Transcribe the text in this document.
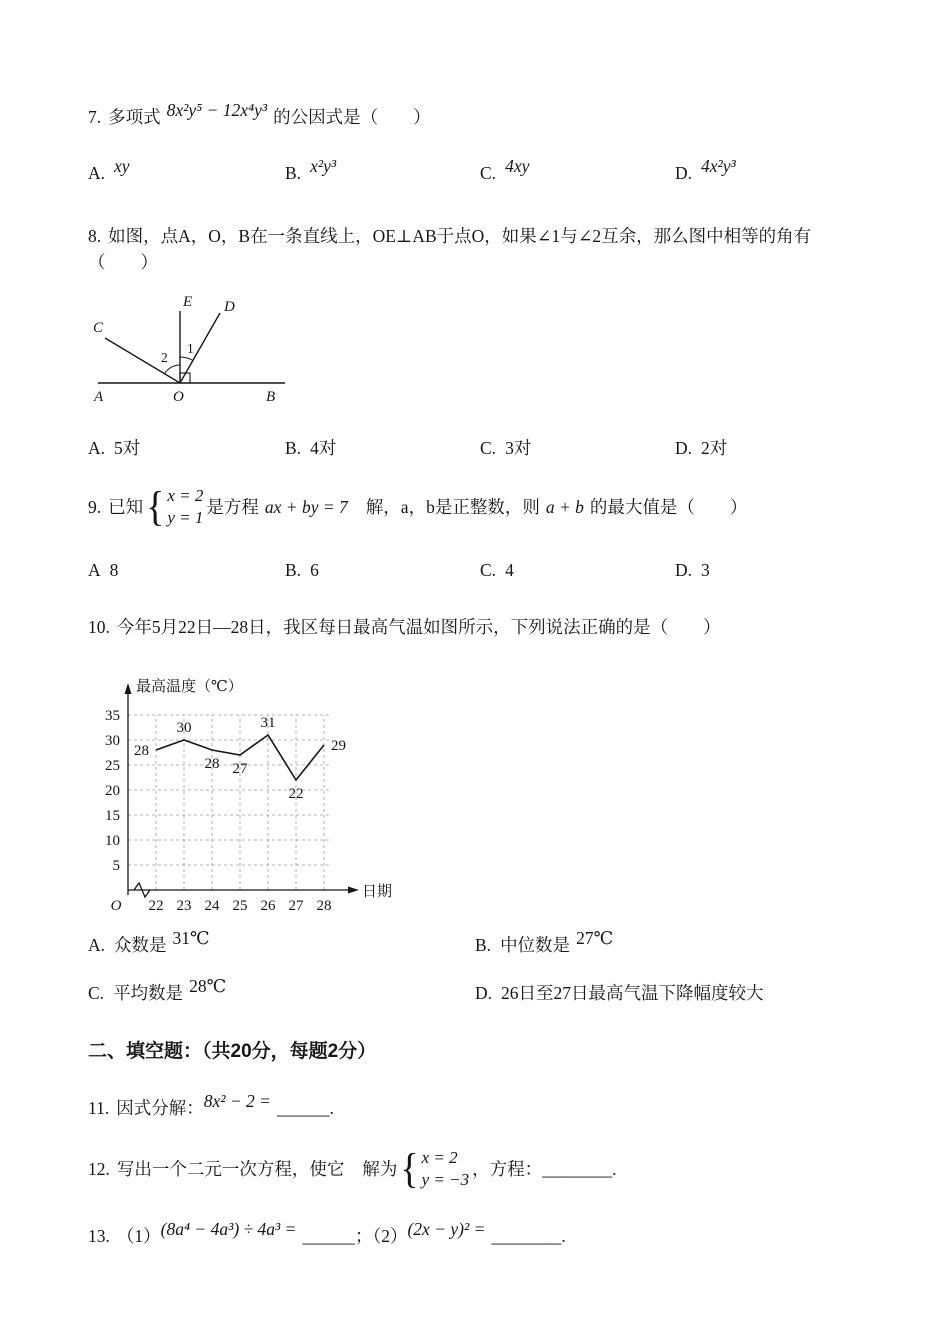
7. 多项式 8x²y⁵ − 12x⁴y³ 的公因式是（　　）
A. xy	B. x²y³	C. 4xy	D. 4x²y³
8. 如图，点A，O，B在一条直线上，OE⊥AB于点O，如果∠1与∠2互余，那么图中相等的角有（　　）
A	O	B
E D
C
1
2
A. 5对	B. 4对	C. 3对	D. 2对
9. 已知 { x = 2
y = 1
是方程 ax + by = 7 解，a，b是正整数，则 a + b 的最大值是（　　）
A 8	B. 6	C. 4	D. 3
10. 今年5月22日—28日，我区每日最高气温如图所示，下列说法正确的是（　　）
5
10
15
20
25
30
35
22 23 24 25 26 27 28
O
日期
最高温度（℃）
28
30
28 27
31
22
29
A. 众数是 31℃	B. 中位数是 27℃
C. 平均数是 28℃	D. 26日至27日最高气温下降幅度较大
二、填空题：（共20分，每题2分）
11. 因式分解：8x² − 2 = ______.
12. 写出一个二元一次方程，使它 解为 { x = 2
y = −3
，方程：________.
13. （1）(8a⁴ − 4a³) ÷ 4a³ = ______；（2）(2x − y)² = ________.
